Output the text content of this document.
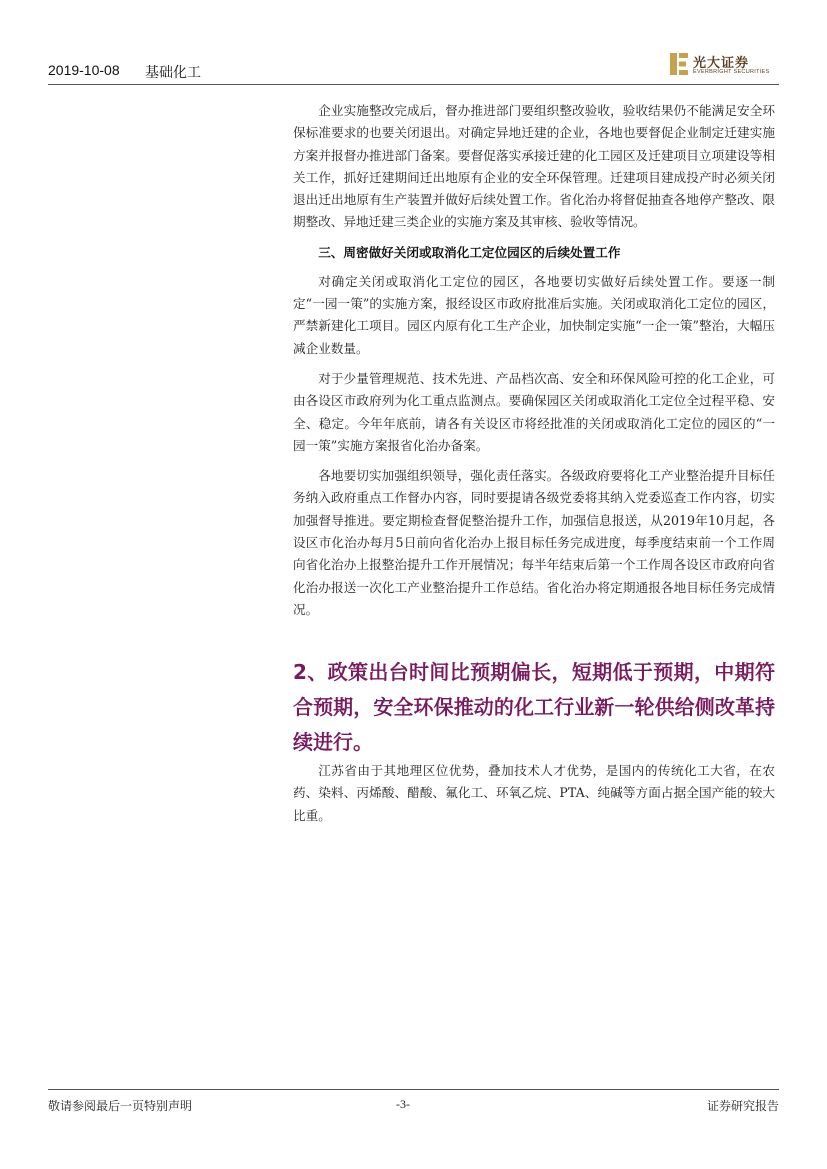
2019-10-08 基础化工
光大证券
EVERBRIGHT SECURITIES

企业实施整改完成后，督办推进部门要组织整改验收，验收结果仍不能满足安全环保标准要求的也要关闭退出。对确定异地迁建的企业，各地也要督促企业制定迁建实施方案并报督办推进部门备案。要督促落实承接迁建的化工园区及迁建项目立项建设等相关工作，抓好迁建期间迁出地原有企业的安全环保管理。迁建项目建成投产时必须关闭退出迁出地原有生产装置并做好后续处置工作。省化治办将督促抽查各地停产整改、限期整改、异地迁建三类企业的实施方案及其审核、验收等情况。

三、周密做好关闭或取消化工定位园区的后续处置工作

对确定关闭或取消化工定位的园区，各地要切实做好后续处置工作。要逐一制定“一园一策”的实施方案，报经设区市政府批准后实施。关闭或取消化工定位的园区，严禁新建化工项目。园区内原有化工生产企业，加快制定实施“一企一策”整治，大幅压减企业数量。

对于少量管理规范、技术先进、产品档次高、安全和环保风险可控的化工企业，可由各设区市政府列为化工重点监测点。要确保园区关闭或取消化工定位全过程平稳、安全、稳定。今年年底前，请各有关设区市将经批准的关闭或取消化工定位的园区的“一园一策”实施方案报省化治办备案。

各地要切实加强组织领导，强化责任落实。各级政府要将化工产业整治提升目标任务纳入政府重点工作督办内容，同时要提请各级党委将其纳入党委巡查工作内容，切实加强督导推进。要定期检查督促整治提升工作，加强信息报送，从2019年10月起，各设区市化治办每月5日前向省化治办上报目标任务完成进度，每季度结束前一个工作周向省化治办上报整治提升工作开展情况；每半年结束后第一个工作周各设区市政府向省化治办报送一次化工产业整治提升工作总结。省化治办将定期通报各地目标任务完成情况。

2、政策出台时间比预期偏长，短期低于预期，中期符合预期，安全环保推动的化工行业新一轮供给侧改革持续进行。

江苏省由于其地理区位优势，叠加技术人才优势，是国内的传统化工大省，在农药、染料、丙烯酸、醋酸、氟化工、环氧乙烷、PTA、纯碱等方面占据全国产能的较大比重。

敬请参阅最后一页特别声明	-3-	证券研究报告
